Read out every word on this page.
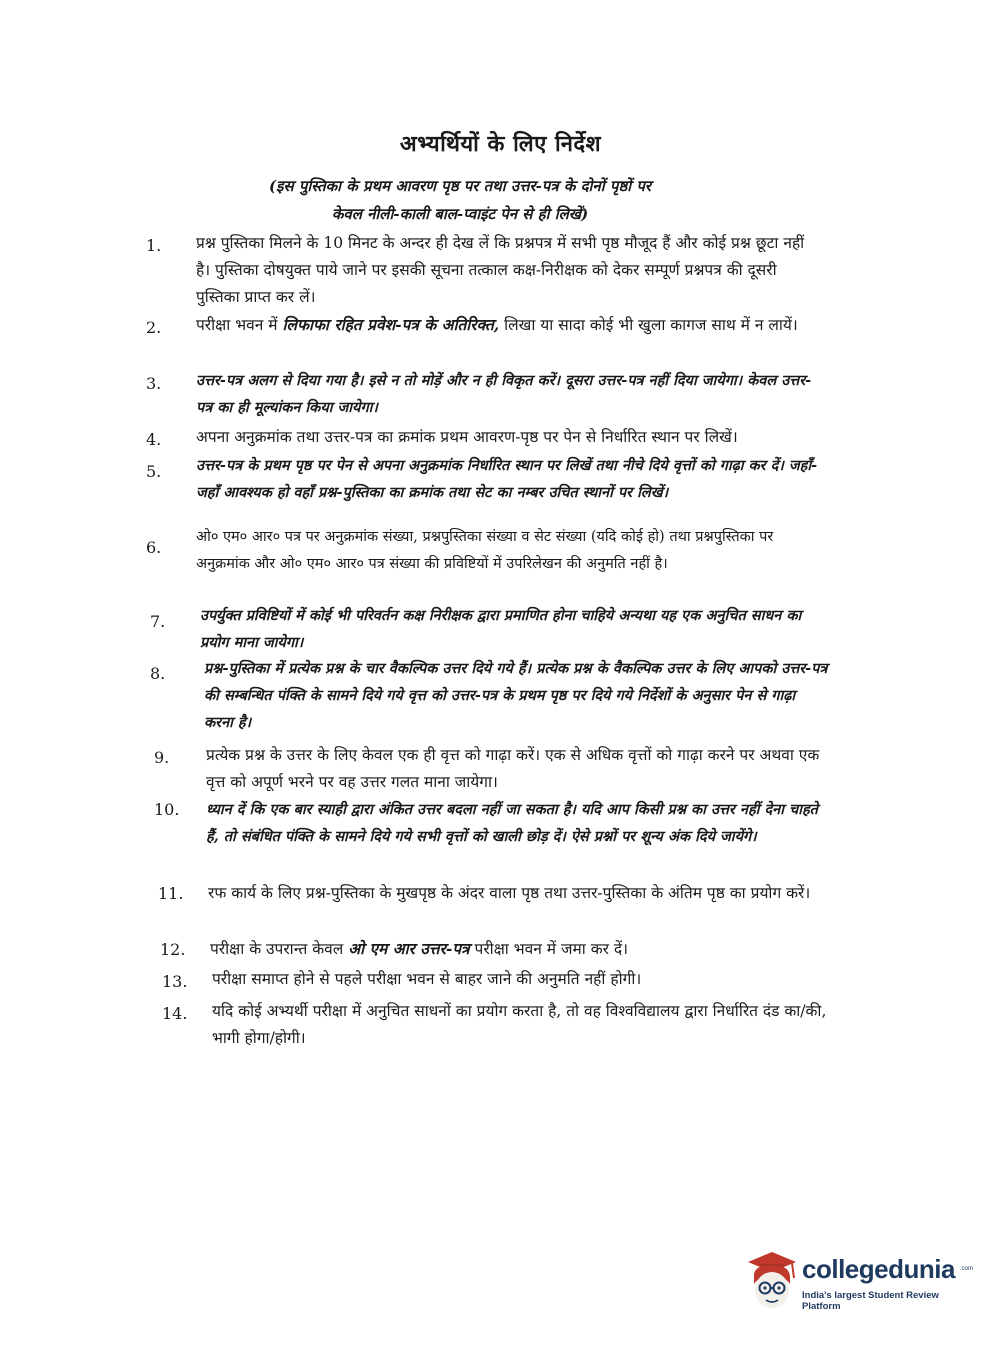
अभ्यर्थियों के लिए निर्देश
(इस पुस्तिका के प्रथम आवरण पृष्ठ पर तथा उत्तर-पत्र के दोनों पृष्ठों पर
केवल नीली-काली बाल-प्वाइंट पेन से ही लिखें)
1.	प्रश्न पुस्तिका मिलने के 10 मिनट के अन्दर ही देख लें कि प्रश्नपत्र में सभी पृष्ठ मौजूद हैं और कोई प्रश्न छूटा नहीं है। पुस्तिका दोषयुक्त पाये जाने पर इसकी सूचना तत्काल कक्ष-निरीक्षक को देकर सम्पूर्ण प्रश्नपत्र की दूसरी पुस्तिका प्राप्त कर लें।
2.	परीक्षा भवन में लिफाफा रहित प्रवेश-पत्र के अतिरिक्त, लिखा या सादा कोई भी खुला कागज साथ में न लायें।
3.	उत्तर-पत्र अलग से दिया गया है। इसे न तो मोड़ें और न ही विकृत करें। दूसरा उत्तर-पत्र नहीं दिया जायेगा। केवल उत्तर-पत्र का ही मूल्यांकन किया जायेगा।
4.	अपना अनुक्रमांक तथा उत्तर-पत्र का क्रमांक प्रथम आवरण-पृष्ठ पर पेन से निर्धारित स्थान पर लिखें।
5.	उत्तर-पत्र के प्रथम पृष्ठ पर पेन से अपना अनुक्रमांक निर्धारित स्थान पर लिखें तथा नीचे दिये वृत्तों को गाढ़ा कर दें। जहाँ-जहाँ आवश्यक हो वहाँ प्रश्न-पुस्तिका का क्रमांक तथा सेट का नम्बर उचित स्थानों पर लिखें।
6.
ओ० एम० आर० पत्र पर अनुक्रमांक संख्या, प्रश्नपुस्तिका संख्या व सेट संख्या (यदि कोई हो) तथा प्रश्नपुस्तिका पर अनुक्रमांक और ओ० एम० आर० पत्र संख्या की प्रविष्टियों में उपरिलेखन की अनुमति नहीं है।
7.	उपर्युक्त प्रविष्टियों में कोई भी परिवर्तन कक्ष निरीक्षक द्वारा प्रमाणित होना चाहिये अन्यथा यह एक अनुचित साधन का प्रयोग माना जायेगा।
8.	प्रश्न-पुस्तिका में प्रत्येक प्रश्न के चार वैकल्पिक उत्तर दिये गये हैं। प्रत्येक प्रश्न के वैकल्पिक उत्तर के लिए आपको उत्तर-पत्र की सम्बन्धित पंक्ति के सामने दिये गये वृत्त को उत्तर-पत्र के प्रथम पृष्ठ पर दिये गये निर्देशों के अनुसार पेन से गाढ़ा करना है।
9.	प्रत्येक प्रश्न के उत्तर के लिए केवल एक ही वृत्त को गाढ़ा करें। एक से अधिक वृत्तों को गाढ़ा करने पर अथवा एक वृत्त को अपूर्ण भरने पर वह उत्तर गलत माना जायेगा।
10.	ध्यान दें कि एक बार स्याही द्वारा अंकित उत्तर बदला नहीं जा सकता है। यदि आप किसी प्रश्न का उत्तर नहीं देना चाहते हैं, तो संबंधित पंक्ति के सामने दिये गये सभी वृत्तों को खाली छोड़ दें। ऐसे प्रश्नों पर शून्य अंक दिये जायेंगे।
11.	रफ कार्य के लिए प्रश्न-पुस्तिका के मुखपृष्ठ के अंदर वाला पृष्ठ तथा उत्तर-पुस्तिका के अंतिम पृष्ठ का प्रयोग करें।
12.	परीक्षा के उपरान्त केवल ओ एम आर उत्तर-पत्र परीक्षा भवन में जमा कर दें।
13.	परीक्षा समाप्त होने से पहले परीक्षा भवन से बाहर जाने की अनुमति नहीं होगी।
14.	यदि कोई अभ्यर्थी परीक्षा में अनुचित साधनों का प्रयोग करता है, तो वह विश्वविद्यालय द्वारा निर्धारित दंड का/की, भागी होगा/होगी।
collegedunia .com
India's largest Student Review Platform
